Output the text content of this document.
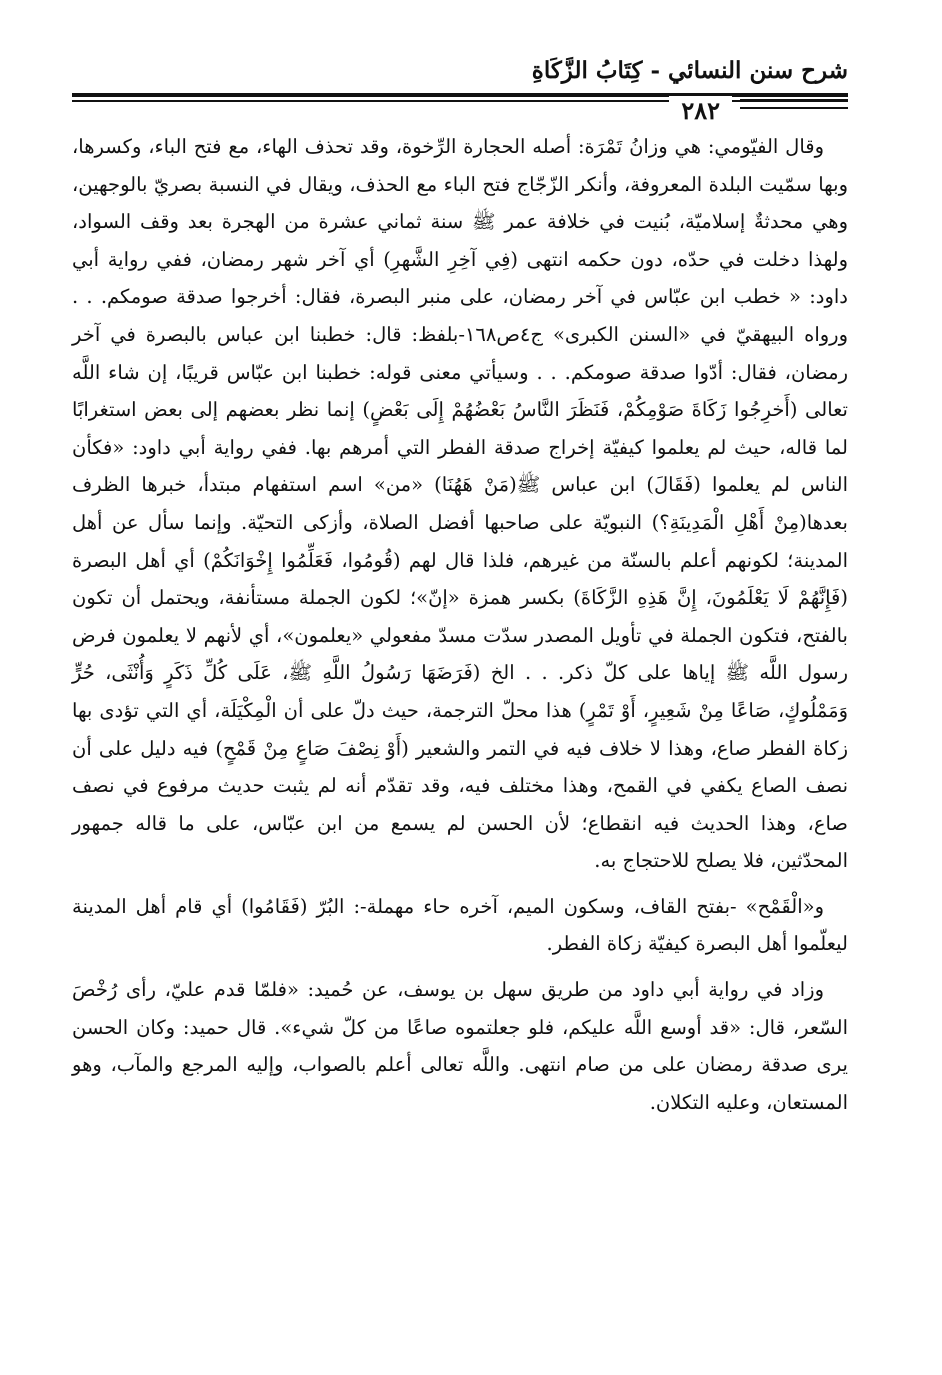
شرح سنن النسائي - كِتَابُ الزَّكَاةِ
٢٨٢

وقال الفيّومي: هي وزانُ تَمْرَة: أصله الحجارة الرِّخوة، وقد تحذف الهاء، مع فتح الباء، وكسرها، وبها سمّيت البلدة المعروفة، وأنكر الزّجّاج فتح الباء مع الحذف، ويقال في النسبة بصريّ بالوجهين، وهي محدثةٌ إسلاميّة، بُنيت في خلافة عمر ﷺ سنة ثماني عشرة من الهجرة بعد وقف السواد، ولهذا دخلت في حدّه، دون حكمه انتهى (فِي آخِرِ الشَّهرِ) أي آخر شهر رمضان، ففي رواية أبي داود: « خطب ابن عبّاس في آخر رمضان، على منبر البصرة، فقال: أخرجوا صدقة صومكم. . . ورواه البيهقيّ في «السنن الكبرى» ج٤ص١٦٨-بلفظ: قال: خطبنا ابن عباس بالبصرة في آخر رمضان، فقال: أدّوا صدقة صومكم. . . وسيأتي معنى قوله: خطبنا ابن عبّاس قريبًا، إن شاء اللَّه تعالى (أَخرِجُوا زَكَاةَ صَوْمِكُمْ، فَنَظَرَ النَّاسُ بَعْضُهُمْ إِلَى بَعْضٍ) إنما نظر بعضهم إلى بعض استغرابًا لما قاله، حيث لم يعلموا كيفيّة إخراج صدقة الفطر التي أمرهم بها. ففي رواية أبي داود: «فكأن الناس لم يعلموا (فَقَالَ) ابن عباس ﷺ(مَنْ هَهُنَا) «من» اسم استفهام مبتدأ، خبرها الظرف بعدها(مِنْ أَهْلِ الْمَدِينَةِ؟) النبويّة على صاحبها أفضل الصلاة، وأزكى التحيّة. وإنما سأل عن أهل المدينة؛ لكونهم أعلم بالسنّة من غيرهم، فلذا قال لهم (قُومُوا، فَعَلِّمُوا إِخْوَانَكُمْ) أي أهل البصرة (فَإِنَّهُمْ لَا يَعْلَمُونَ، إِنَّ هَذِهِ الزَّكَاةَ) بكسر همزة «إنّ»؛ لكون الجملة مستأنفة، ويحتمل أن تكون بالفتح، فتكون الجملة في تأويل المصدر سدّت مسدّ مفعولي «يعلمون»، أي لأنهم لا يعلمون فرض رسول اللَّه ﷺ إياها على كلّ ذكر. . . الخ (فَرَضَهَا رَسُولُ اللَّهِ ﷺ، عَلَى كُلِّ ذَكَرٍ وَأُنْثَى، حُرٍّ وَمَمْلُوكٍ، صَاعًا مِنْ شَعِيرٍ، أَوْ تَمْرٍ) هذا محلّ الترجمة، حيث دلّ على أن الْمِكْيَلَة، أي التي تؤدى بها زكاة الفطر صاع، وهذا لا خلاف فيه في التمر والشعير (أَوْ نِصْفَ صَاعٍ مِنْ قَمْحٍ) فيه دليل على أن نصف الصاع يكفي في القمح، وهذا مختلف فيه، وقد تقدّم أنه لم يثبت حديث مرفوع في نصف صاع، وهذا الحديث فيه انقطاع؛ لأن الحسن لم يسمع من ابن عبّاس، على ما قاله جمهور المحدّثين، فلا يصلح للاحتجاج به.

و«الْقَمْح» -بفتح القاف، وسكون الميم، آخره حاء مهملة-: البُرّ (فَقَامُوا) أي قام أهل المدينة ليعلّموا أهل البصرة كيفيّة زكاة الفطر.

وزاد في رواية أبي داود من طريق سهل بن يوسف، عن حُميد: «فلمّا قدم عليّ، رأى رُخْصَ السّعر، قال: «قد أوسع اللَّه عليكم، فلو جعلتموه صاعًا من كلّ شيء». قال حميد: وكان الحسن يرى صدقة رمضان على من صام انتهى. واللَّه تعالى أعلم بالصواب، وإليه المرجع والمآب، وهو المستعان، وعليه التكلان.
